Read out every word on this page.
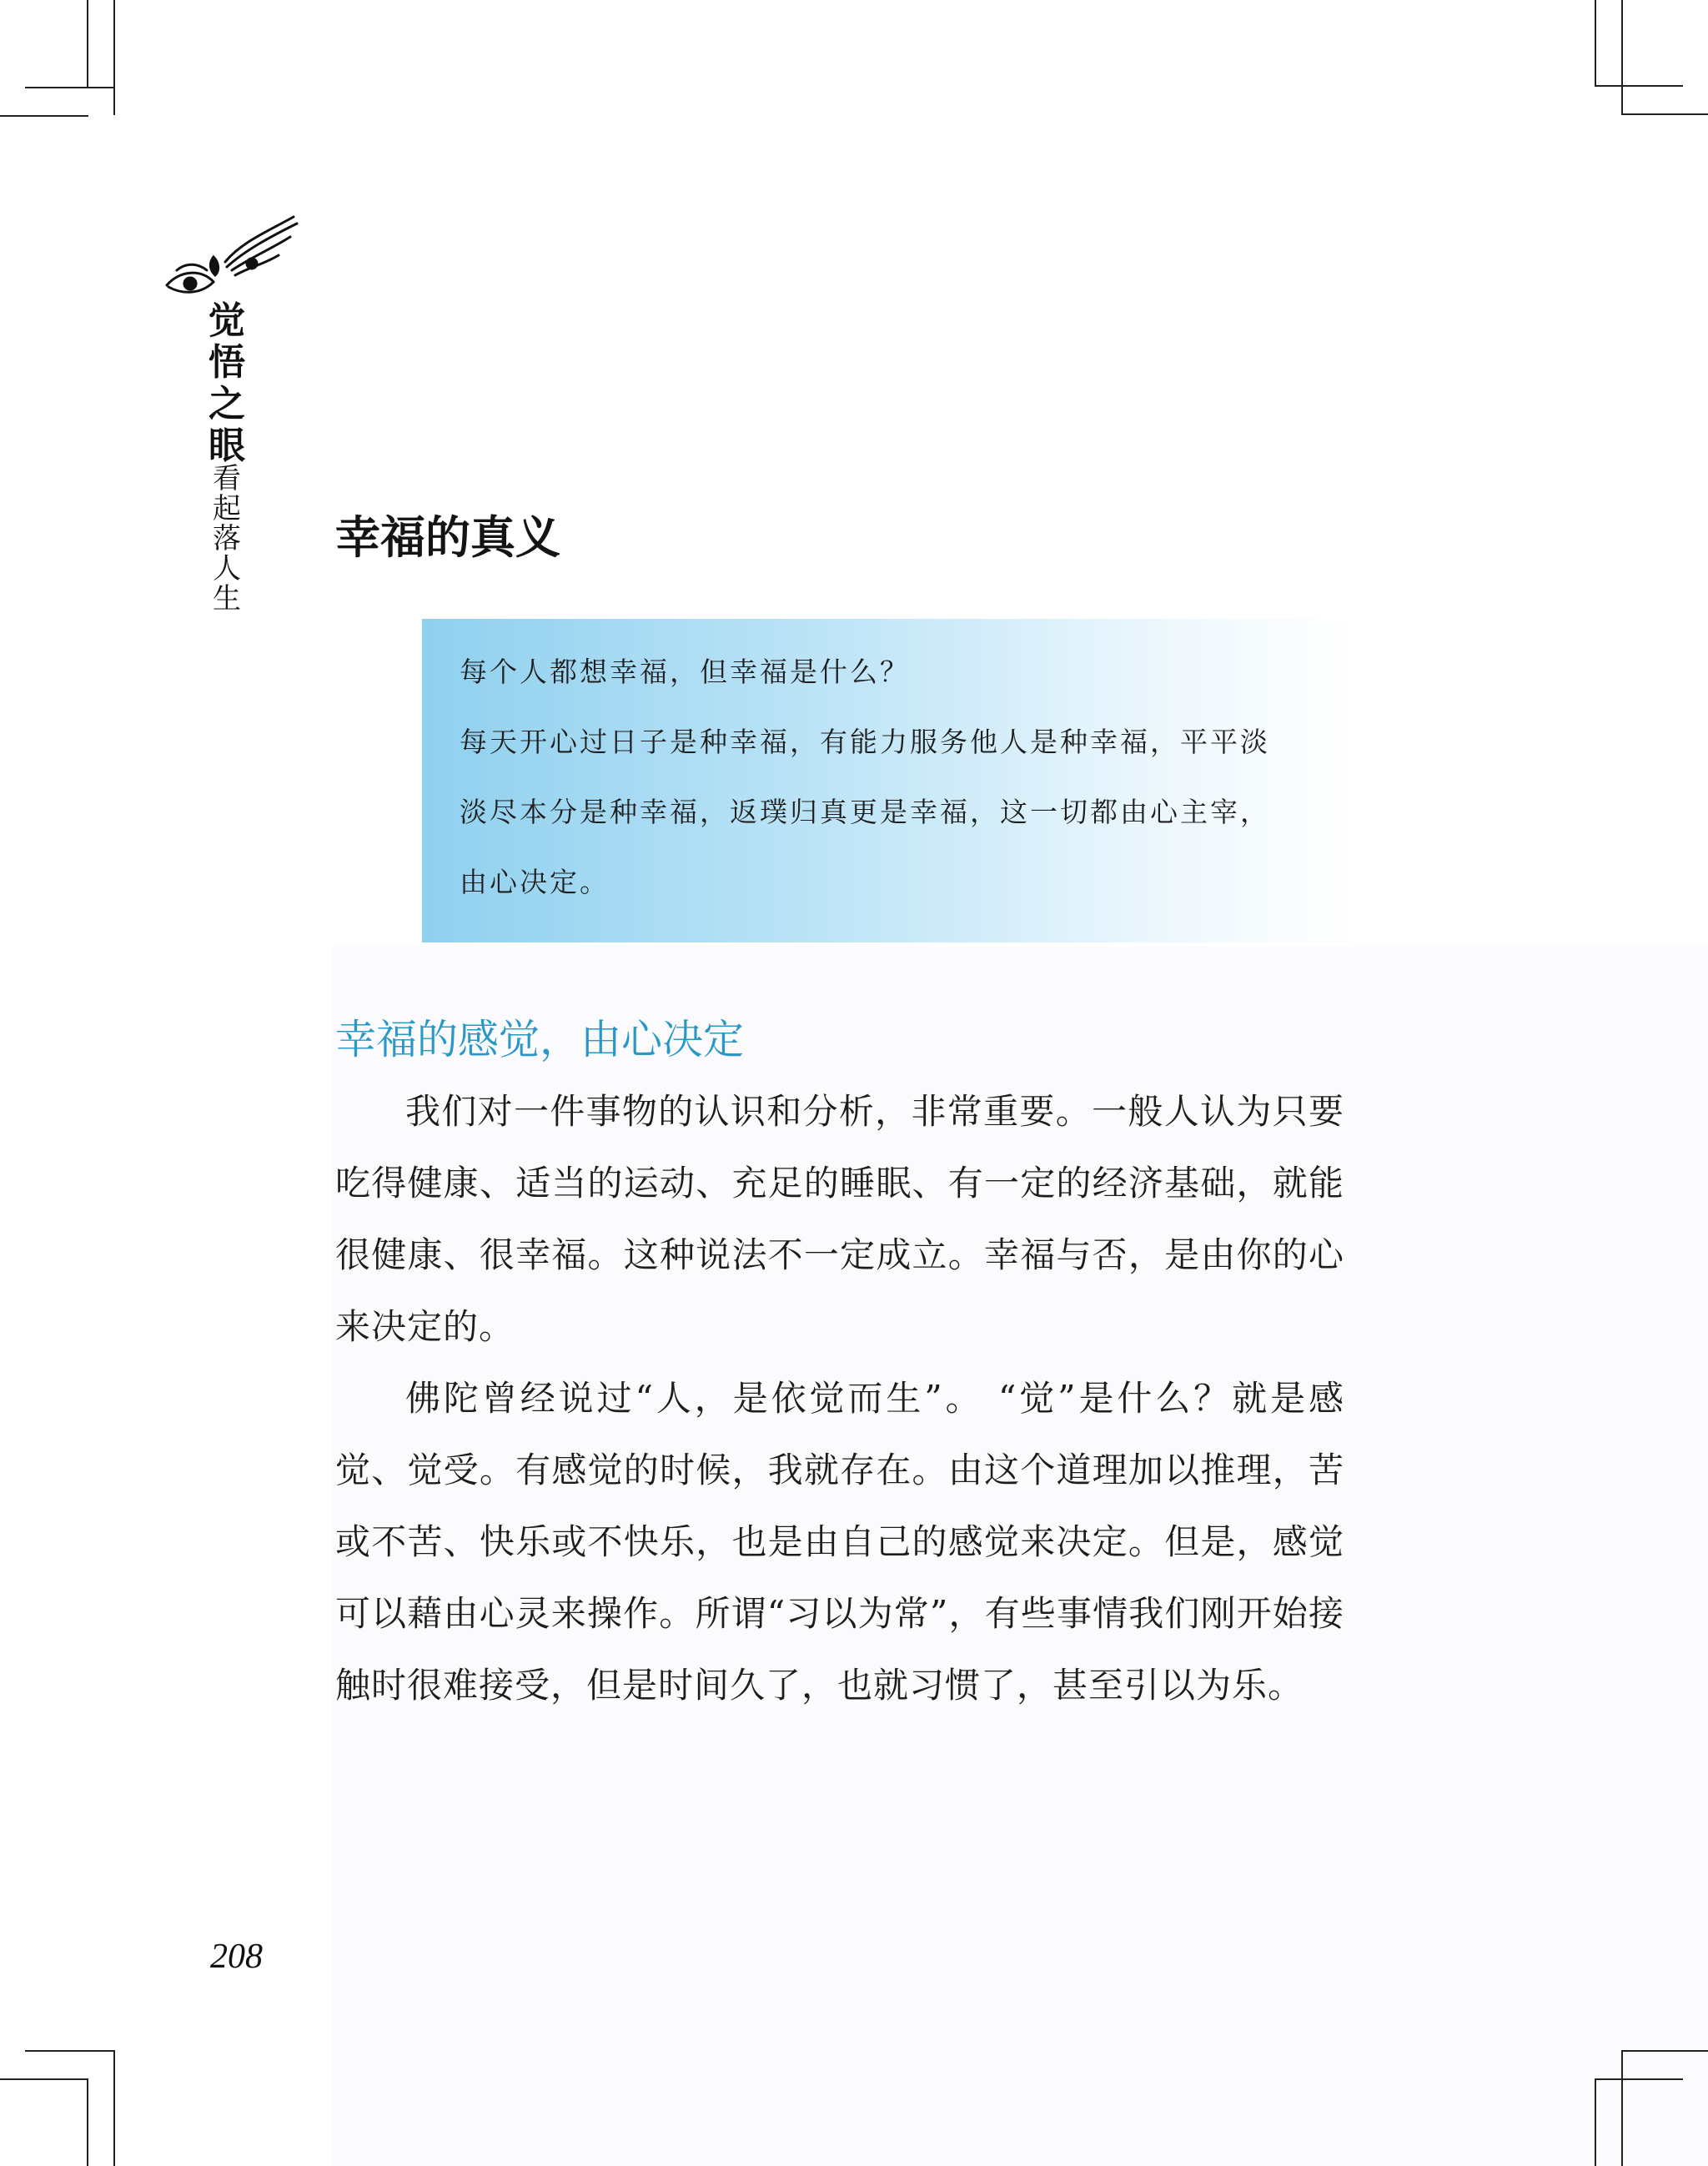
觉悟之眼
看起落人生
幸福的真义

每个人都想幸福，但幸福是什么？

每天开心过日子是种幸福，有能力服务他人是种幸福，平平淡

淡尽本分是种幸福，返璞归真更是幸福，这一切都由心主宰，

由心决定。

幸福的感觉，由心决定

我们对一件事物的认识和分析，非常重要。一般人认为只要吃得健康、适当的运动、充足的睡眠、有一定的经济基础，就能很健康、很幸福。这种说法不一定成立。幸福与否，是由你的心来决定的。

佛陀曾经说过“人，是依觉而生”。 “觉”是什么？就是感觉、觉受。有感觉的时候，我就存在。由这个道理加以推理，苦或不苦、快乐或不快乐，也是由自己的感觉来决定。但是，感觉可以藉由心灵来操作。所谓“习以为常”，有些事情我们刚开始接触时很难接受，但是时间久了，也就习惯了，甚至引以为乐。

208
